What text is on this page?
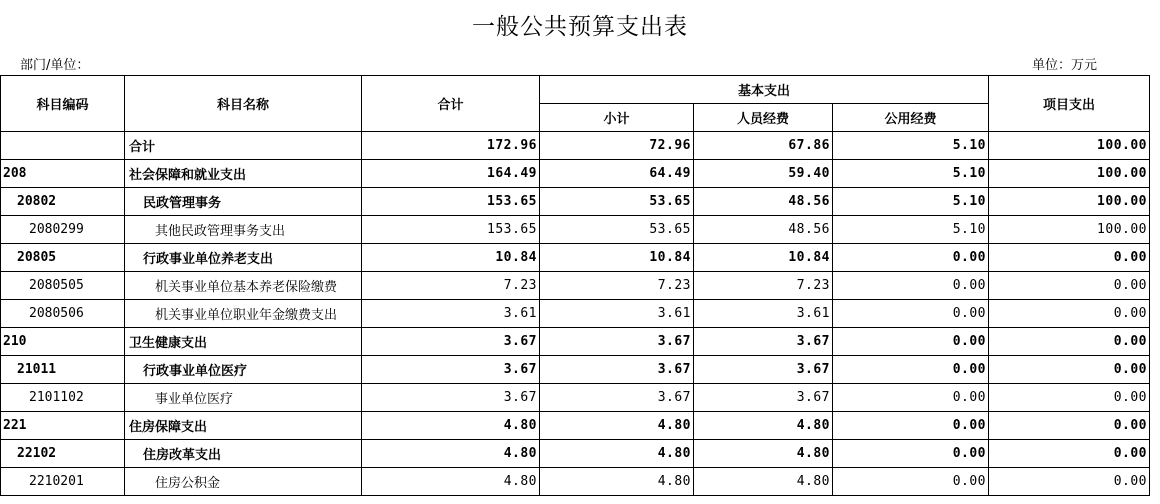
一般公共预算支出表
部门/单位：	单位：万元
科目编码	科目名称	合计	基本支出			项目支出
			小计	人员经费	公用经费	
	合计	172.96	72.96	67.86	5.10	100.00
208	社会保障和就业支出	164.49	64.49	59.40	5.10	100.00
20802	民政管理事务	153.65	53.65	48.56	5.10	100.00
2080299	其他民政管理事务支出	153.65	53.65	48.56	5.10	100.00
20805	行政事业单位养老支出	10.84	10.84	10.84	0.00	0.00
2080505	机关事业单位基本养老保险缴费	7.23	7.23	7.23	0.00	0.00
2080506	机关事业单位职业年金缴费支出	3.61	3.61	3.61	0.00	0.00
210	卫生健康支出	3.67	3.67	3.67	0.00	0.00
21011	行政事业单位医疗	3.67	3.67	3.67	0.00	0.00
2101102	事业单位医疗	3.67	3.67	3.67	0.00	0.00
221	住房保障支出	4.80	4.80	4.80	0.00	0.00
22102	住房改革支出	4.80	4.80	4.80	0.00	0.00
2210201	住房公积金	4.80	4.80	4.80	0.00	0.00
